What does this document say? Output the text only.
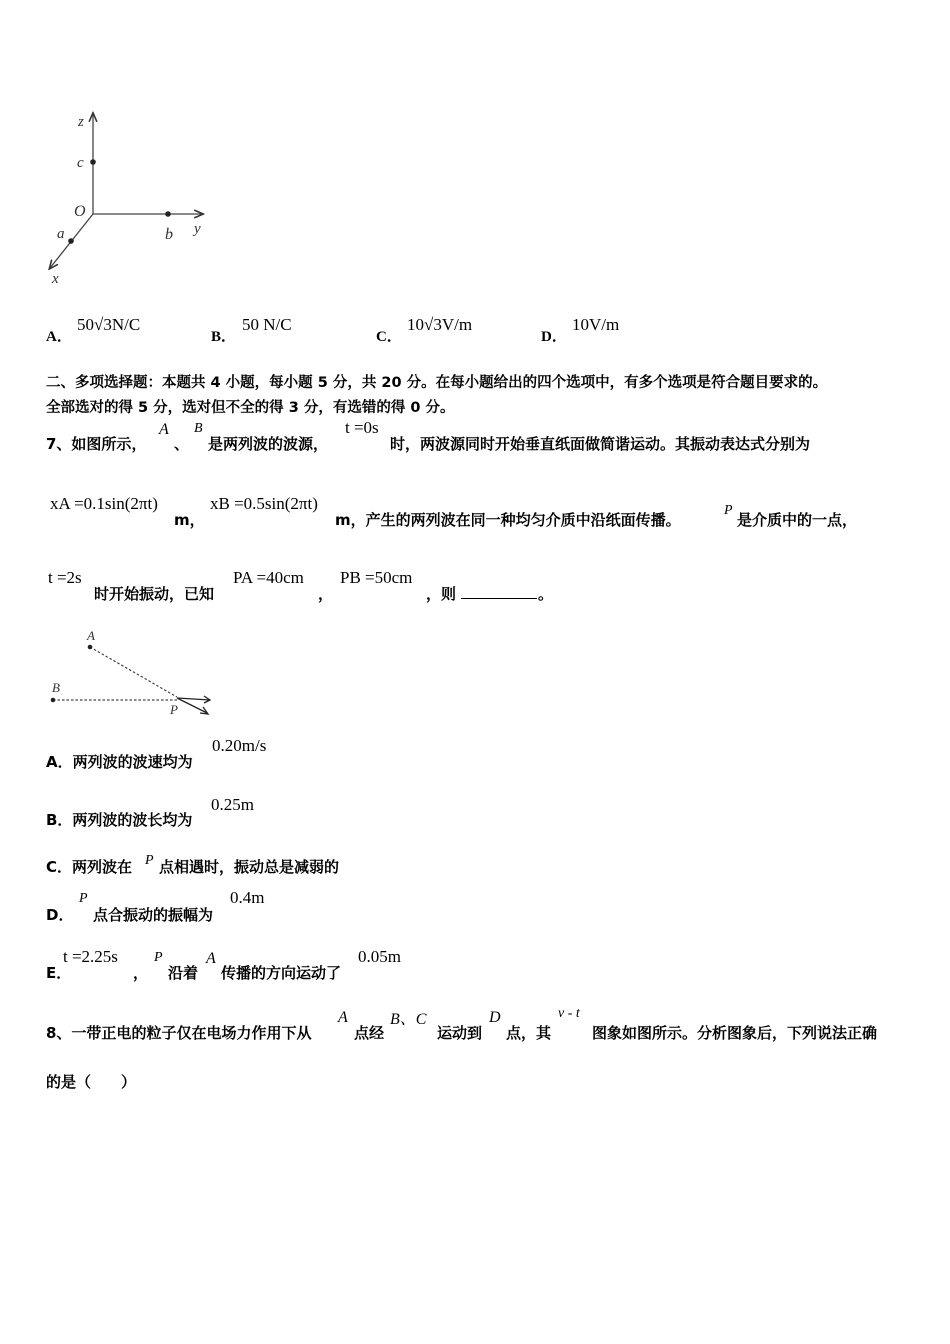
z
c
O
a	b y
x
A．
50√3N/C
B．
50 N/C
C．
10√3V/m
D．
10V/m
二、多项选择题：本题共 4 小题，每小题 5 分，共 20 分。在每小题给出的四个选项中，有多个选项是符合题目要求的。
全部选对的得 5 分，选对但不全的得 3 分，有选错的得 0 分。
7、如图所示，
A
、
B
是两列波的波源，
t =0s
时，两波源同时开始垂直纸面做简谐运动。其振动表达式分别为
xA =0.1sin(2πt)
m，
xB =0.5sin(2πt)
m，产生的两列波在同一种均匀介质中沿纸面传播。
P
是介质中的一点，
t =2s
时开始振动，已知
PA =40cm
，
PB =50cm
，则	。
A
B
P
A．两列波的波速均为
0.20m/s
B．两列波的波长均为
0.25m
C．两列波在 P 点相遇时，振动总是减弱的
D．
P
点合振动的振幅为
0.4m
E．
t =2.25s
，
P
沿着
A
传播的方向运动了
0.05m
8、一带正电的粒子仅在电场力作用下从
A
点经
B、C
运动到
D
点，其
v - t
图象如图所示。分析图象后，下列说法正确
的是（　　）
